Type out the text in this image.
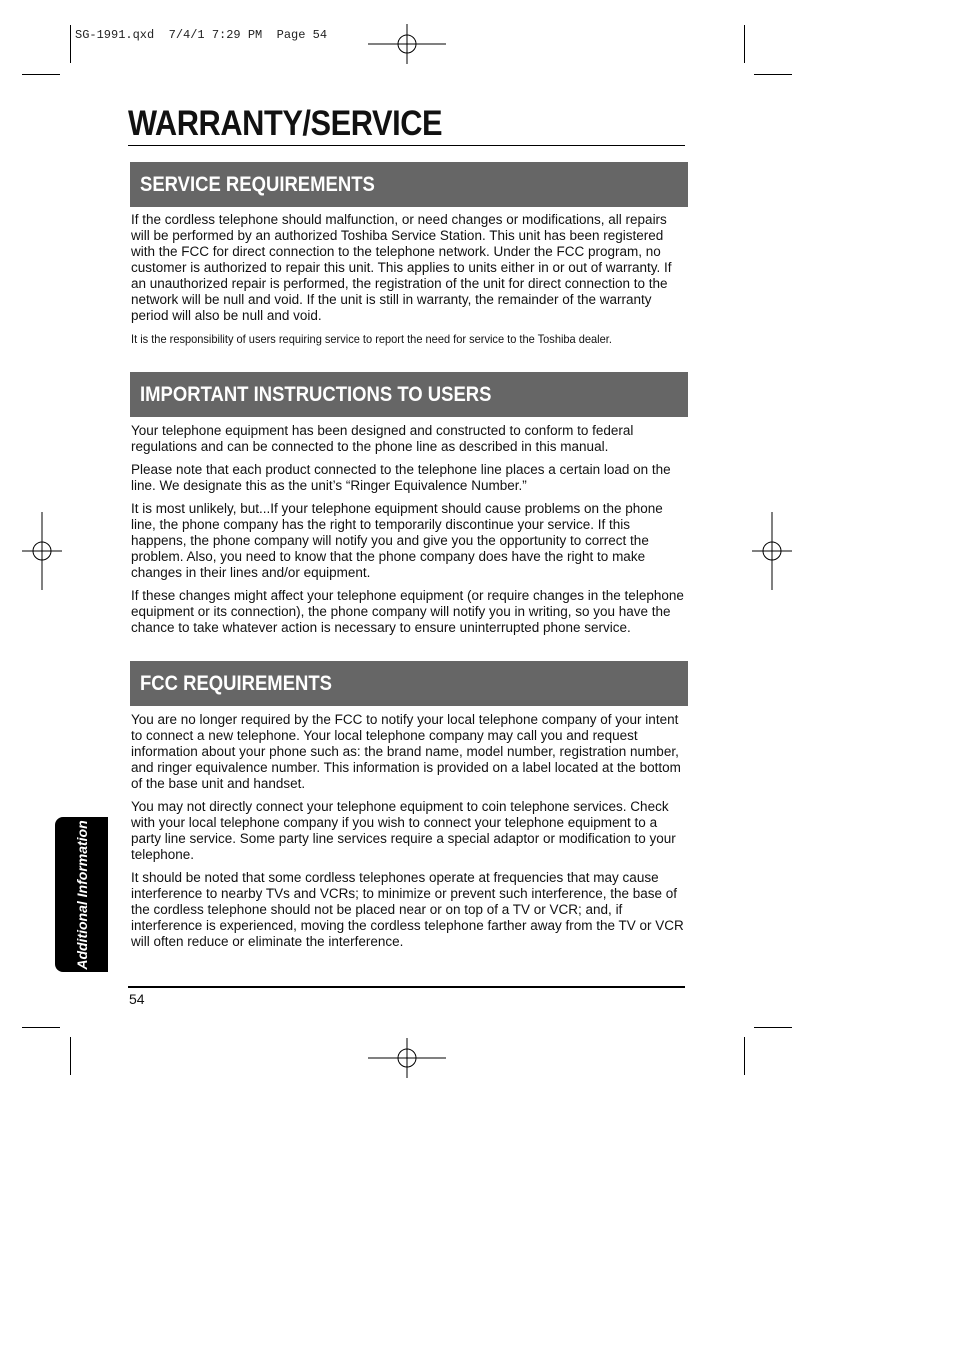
SG-1991.qxd  7/4/1 7:29 PM  Page 54
WARRANTY/SERVICE
SERVICE REQUIREMENTS

If the cordless telephone should malfunction, or need changes or modifications, all repairs will be performed by an authorized Toshiba Service Station. This unit has been registered with the FCC for direct connection to the telephone network. Under the FCC program, no customer is authorized to repair this unit. This applies to units either in or out of warranty. If an unauthorized repair is performed, the registration of the unit for direct connection to the network will be null and void. If the unit is still in warranty, the remainder of the warranty period will also be null and void.

It is the responsibility of users requiring service to report the need for service to the Toshiba dealer.

IMPORTANT INSTRUCTIONS TO USERS

Your telephone equipment has been designed and constructed to conform to federal regulations and can be connected to the phone line as described in this manual.

Please note that each product connected to the telephone line places a certain load on the line. We designate this as the unit’s “Ringer Equivalence Number.”

It is most unlikely, but...If your telephone equipment should cause problems on the phone line, the phone company has the right to temporarily discontinue your service. If this happens, the phone company will notify you and give you the opportunity to correct the problem. Also, you need to know that the phone company does have the right to make changes in their lines and/or equipment.

If these changes might affect your telephone equipment (or require changes in the telephone equipment or its connection), the phone company will notify you in writing, so you have the chance to take whatever action is necessary to ensure uninterrupted phone service.

FCC REQUIREMENTS

You are no longer required by the FCC to notify your local telephone company of your intent to connect a new telephone. Your local telephone company may call you and request information about your phone such as: the brand name, model number, registration number, and ringer equivalence number. This information is provided on a label located at the bottom of the base unit and handset.

You may not directly connect your telephone equipment to coin telephone services. Check with your local telephone company if you wish to connect your telephone equipment to a party line service. Some party line services require a special adaptor or modification to your telephone.

It should be noted that some cordless telephones operate at frequencies that may cause interference to nearby TVs and VCRs; to minimize or prevent such interference, the base of the cordless telephone should not be placed near or on top of a TV or VCR; and, if interference is experienced, moving the cordless telephone farther away from the TV or VCR will often reduce or eliminate the interference.

Additional Information
54
